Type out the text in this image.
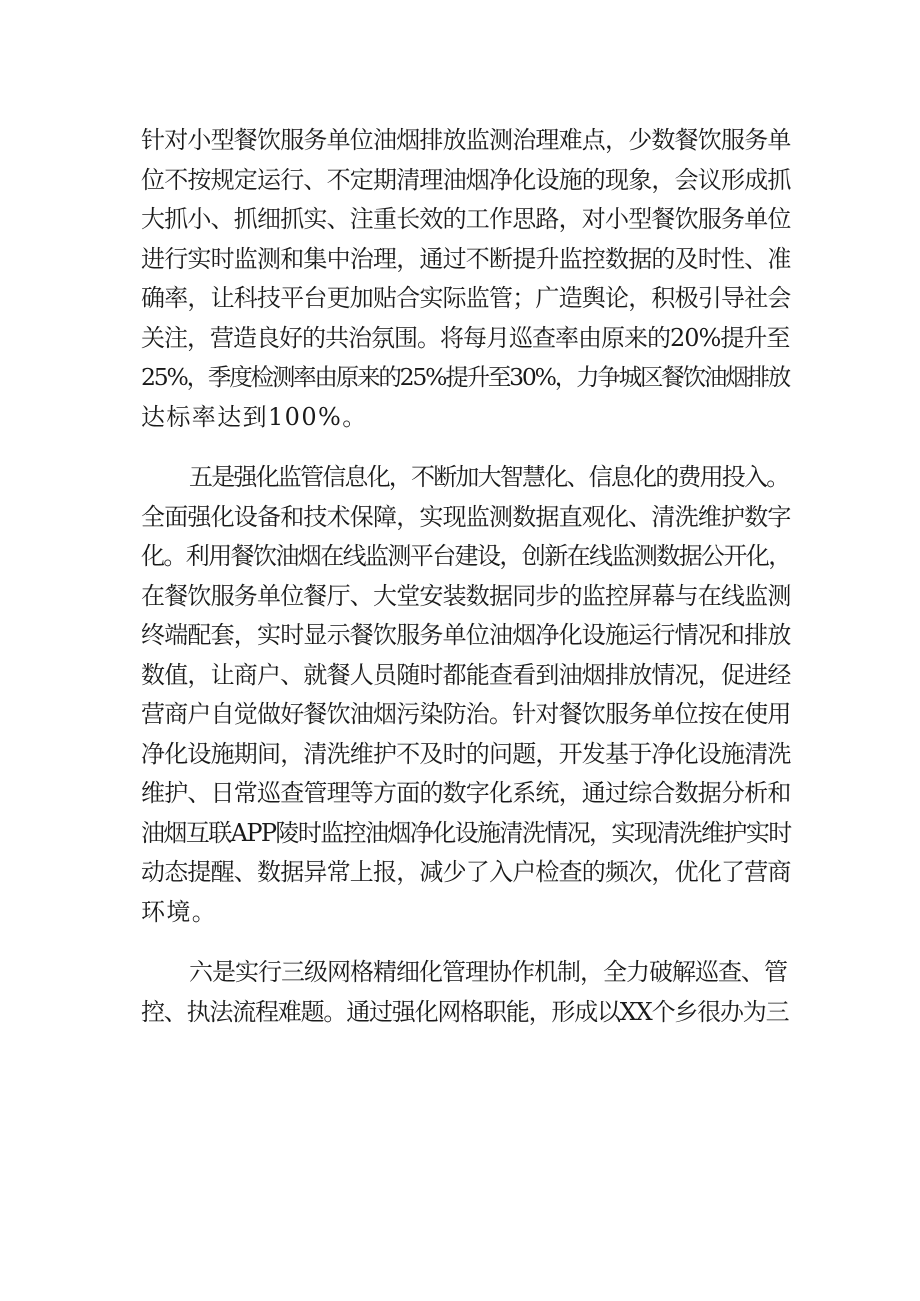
针对小型餐饮服务单位油烟排放监测治理难点，少数餐饮服务单
位不按规定运行、不定期清理油烟净化设施的现象，会议形成抓
大抓小、抓细抓实、注重长效的工作思路，对小型餐饮服务单位
进行实时监测和集中治理，通过不断提升监控数据的及时性、准
确率，让科技平台更加贴合实际监管；广造舆论，积极引导社会
关注，营造良好的共治氛围。将每月巡查率由原来的20%提升至
25%，季度检测率由原来的25%提升至30%，力争城区餐饮油烟排放
达标率达到100%。
五是强化监管信息化，不断加大智慧化、信息化的费用投入。
全面强化设备和技术保障，实现监测数据直观化、清洗维护数字
化。利用餐饮油烟在线监测平台建设，创新在线监测数据公开化，
在餐饮服务单位餐厅、大堂安装数据同步的监控屏幕与在线监测
终端配套，实时显示餐饮服务单位油烟净化设施运行情况和排放
数值，让商户、就餐人员随时都能查看到油烟排放情况，促进经
营商户自觉做好餐饮油烟污染防治。针对餐饮服务单位按在使用
净化设施期间，清洗维护不及时的问题，开发基于净化设施清洗
维护、日常巡查管理等方面的数字化系统，通过综合数据分析和
油烟互联APP陵时监控油烟净化设施清洗情况，实现清洗维护实时
动态提醒、数据异常上报，减少了入户检查的频次，优化了营商
环境。
六是实行三级网格精细化管理协作机制，全力破解巡查、管
控、执法流程难题。通过强化网格职能，形成以XX个乡很办为三
